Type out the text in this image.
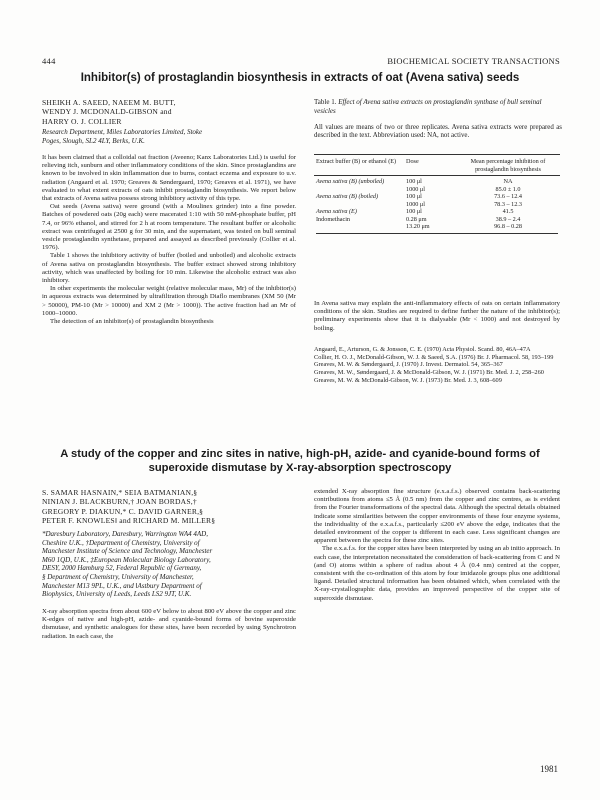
444	BIOCHEMICAL SOCIETY TRANSACTIONS
Inhibitor(s) of prostaglandin biosynthesis in extracts of oat (Avena sativa) seeds
SHEIKH A. SAEED, NAEEM M. BUTT,
WENDY J. MCDONALD-GIBSON and
HARRY O. J. COLLIER
Research Department, Miles Laboratories Limited, Stoke
Poges, Slough, SL2 4LY, Berks, U.K.

It has been claimed that a colloidal oat fraction (Aveeno; Kanx Laboratories Ltd.) is useful for relieving itch, sunburn and other inflammatory conditions of the skin. Since prostaglandins are known to be involved in skin inflammation due to burns, contact eczema and exposure to u.v. radiation (Angaard et al. 1970; Greaves & Søndergaard, 1970; Greaves et al. 1971), we have evaluated to what extent extracts of oats inhibit prostaglandin biosynthesis. We report below that extracts of Avena sativa possess strong inhibitory activity of this type.

Oat seeds (Avena sativa) were ground (with a Moulinex grinder) into a fine powder. Batches of powdered oats (20g each) were macerated 1:10 with 50 mM-phosphate buffer, pH 7.4, or 96% ethanol, and stirred for 2 h at room temperature. The resultant buffer or alcoholic extract was centrifuged at 2500 g for 30 min, and the supernatant, was tested on bull seminal vesicle prostaglandin synthetase, prepared and assayed as described previously (Collier et al. 1976).

Table 1 shows the inhibitory activity of buffer (boiled and unboiled) and alcoholic extracts of Avena sativa on prostaglandin biosynthesis. The buffer extract showed strong inhibitory activity, which was unaffected by boiling for 10 min. Likewise the alcoholic extract was also inhibitory.

In other experiments the molecular weight (relative molecular mass, Mr) of the inhibitor(s) in aqueous extracts was determined by ultrafiltration through Diaflo membranes (XM 50 (Mr > 50000), PM-10 (Mr > 10000) and XM 2 (Mr > 1000)). The active fraction had an Mr of 1000–10000.

The detection of an inhibitor(s) of prostaglandin biosynthesis

Table 1. Effect of Avena sativa extracts on prostaglandin synthase of bull seminal vesicles
All values are means of two or three replicates. Avena sativa extracts were prepared as described in the text. Abbreviation used: NA, not active.
Extract buffer (B) or ethanol (E)	Dose	Mean percentage inhibition of prostaglandin biosynthesis

Avena sativa (B) (unboiled)	100 μl	NA
	1000 μl	85.0 ± 1.0
Avena sativa (B) (boiled)	100 μl	73.6 – 12.4
	1000 μl	78.3 – 12.3
Avena sativa (E)	100 μl	41.5
Indomethacin	0.28 μm	38.9 – 2.4
	13.20 μm	96.8 – 0.28

In Avena sativa may explain the anti-inflammatory effects of oats on certain inflammatory conditions of the skin. Studies are required to define further the nature of the inhibitor(s); preliminary experiments show that it is dialysable (Mr < 1000) and not destroyed by boiling.

Angaard, E., Arturson, G. & Jonsson, C. E. (1970) Acta Physiol. Scand. 80, 46A–47A
Collier, H. O. J., McDonald-Gibson, W. J. & Saeed, S.A. (1976) Br. J. Pharmacol. 58, 193–199
Greaves, M. W. & Søndergaard, J. (1970) J. Invest. Dermatol. 54, 365–367
Greaves, M. W., Søndergaard, J. & McDonald-Gibson, W. J. (1971) Br. Med. J. 2, 258–260
Greaves, M. W. & McDonald-Gibson, W. J. (1973) Br. Med. J. 3, 608–609
A study of the copper and zinc sites in native, high-pH, azide- and cyanide-bound forms of
superoxide dismutase by X-ray-absorption spectroscopy
S. SAMAR HASNAIN,* SEIA BATMANIAN,§
NINIAN J. BLACKBURN,† JOAN BORDAS,†
GREGORY P. DIAKUN,* C. DAVID GARNER,§
PETER F. KNOWLES‖ and RICHARD M. MILLER§
*Daresbury Laboratory, Daresbury, Warrington WA4 4AD,
Cheshire U.K., †Department of Chemistry, University of
Manchester Institute of Science and Technology, Manchester
M60 1QD, U.K., ‡European Molecular Biology Laboratory,
DESY, 2000 Hamburg 52, Federal Republic of Germany,
§ Department of Chemistry, University of Manchester,
Manchester M13 9PL, U.K., and ‖Astbury Department of
Biophysics, University of Leeds, Leeds LS2 9JT, U.K.

X-ray absorption spectra from about 600 eV below to about 800 eV above the copper and zinc K-edges of native and high-pH, azide- and cyanide-bound forms of bovine superoxide dismutase, and synthetic analogues for these sites, have been recorded by using Synchrotron radiation. In each case, the

extended X-ray absorption fine structure (e.x.a.f.s.) observed contains back-scattering contributions from atoms ≤5 Å (0.5 nm) from the copper and zinc centres, as is evident from the Fourier transformations of the spectral data. Although the spectral details obtained indicate some similarities between the copper environments of these four enzyme systems, the individuality of the e.x.a.f.s., particularly ≤200 eV above the edge, indicates that the detailed environment of the copper is different in each case. Less significant changes are apparent between the spectra for these zinc sites.

The e.x.a.f.s. for the copper sites have been interpreted by using an ab initio approach. In each case, the interpretation necessitated the consideration of back-scattering from C and N (and O) atoms within a sphere of radius about 4 Å (0.4 nm) centred at the copper, consistent with the co-ordination of this atom by four imidazole groups plus one additional ligand. Detailed structural information has been obtained which, when correlated with the X-ray-crystallographic data, provides an improved perspective of the copper site of superoxide dismutase.

1981
